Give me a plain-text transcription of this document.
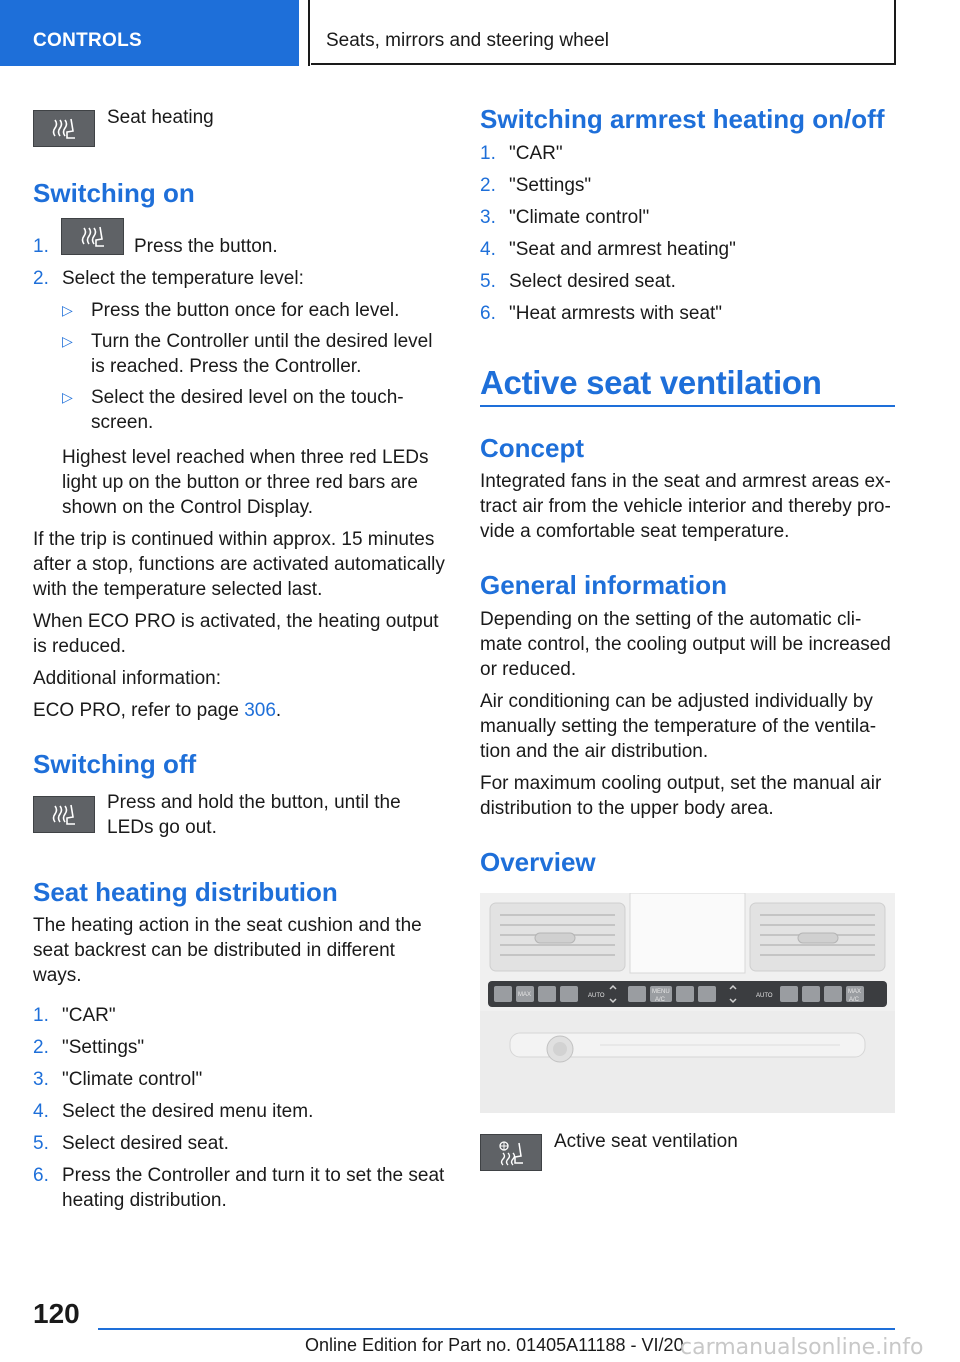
CONTROLS	Seats, mirrors and steering wheel
Seat heating
Switching on
1.	Press the button.
2. Select the temperature level:
▷ Press the button once for each level.
▷ Turn the Controller until the desired level is reached. Press the Controller.
▷ Select the desired level on the touch-screen.
Highest level reached when three red LEDs light up on the button or three red bars are shown on the Control Display.
If the trip is continued within approx. 15 minutes after a stop, functions are activated automatically with the temperature selected last.
When ECO PRO is activated, the heating output is reduced.
Additional information:
ECO PRO, refer to page 306.
Switching off
Press and hold the button, until the LEDs go out.
Seat heating distribution
The heating action in the seat cushion and the seat backrest can be distributed in different ways.
1. "CAR"
2. "Settings"
3. "Climate control"
4. Select the desired menu item.
5. Select desired seat.
6. Press the Controller and turn it to set the seat heating distribution.
Switching armrest heating on/off
1. "CAR"
2. "Settings"
3. "Climate control"
4. "Seat and armrest heating"
5. Select desired seat.
6. "Heat armrests with seat"
Active seat ventilation
Concept
Integrated fans in the seat and armrest areas ex-tract air from the vehicle interior and thereby pro-vide a comfortable seat temperature.
General information
Depending on the setting of the automatic cli-mate control, the cooling output will be increased or reduced.
Air conditioning can be adjusted individually by manually setting the temperature of the ventila-tion and the air distribution.
For maximum cooling output, set the manual air distribution to the upper body area.
Overview
AUTO
MAX	MENU
A/C
AUTO
MAX
A/C
Active seat ventilation
120
Online Edition for Part no. 01405A11188 - VI/20
carmanualsonline.info
